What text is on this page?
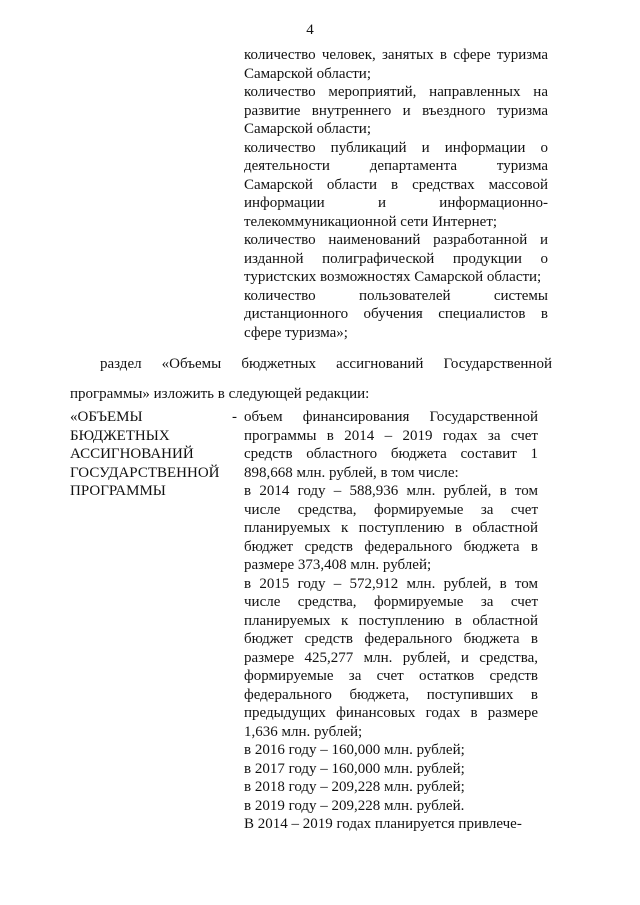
4

количество человек, занятых в сфере туризма Самарской области;

количество мероприятий, направленных на развитие внутреннего и въездного туризма Самарской области;

количество публикаций и информации о деятельности департамента туризма Самарской области в средствах массовой информации и информационно-телекоммуникационной сети Интернет;

количество наименований разработанной и изданной полиграфической продукции о туристских возможностях Самарской области;

количество пользователей системы дистанционного обучения специалистов в сфере туризма»;

раздел «Объемы бюджетных ассигнований Государственной
программы» изложить в следующей редакции:
«ОБЪЕМЫ БЮДЖЕТНЫХ АССИГНОВАНИЙ ГОСУДАРСТВЕННОЙ ПРОГРАММЫ
- объем финансирования Государственной программы в 2014 – 2019 годах за счет средств областного бюджета составит 1 898,668 млн. рублей, в том числе:

в 2014 году – 588,936 млн. рублей, в том числе средства, формируемые за счет планируемых к поступлению в областной бюджет средств федерального бюджета в размере 373,408 млн. рублей;

в 2015 году – 572,912 млн. рублей, в том числе средства, формируемые за счет планируемых к поступлению в областной бюджет средств федерального бюджета в размере 425,277 млн. рублей, и средства, формируемые за счет остатков средств федерального бюджета, поступивших в предыдущих финансовых годах в размере 1,636 млн. рублей;

в 2016 году – 160,000 млн. рублей;

в 2017 году – 160,000 млн. рублей;

в 2018 году – 209,228 млн. рублей;

в 2019 году – 209,228 млн. рублей.

В 2014 – 2019 годах планируется привлече-
